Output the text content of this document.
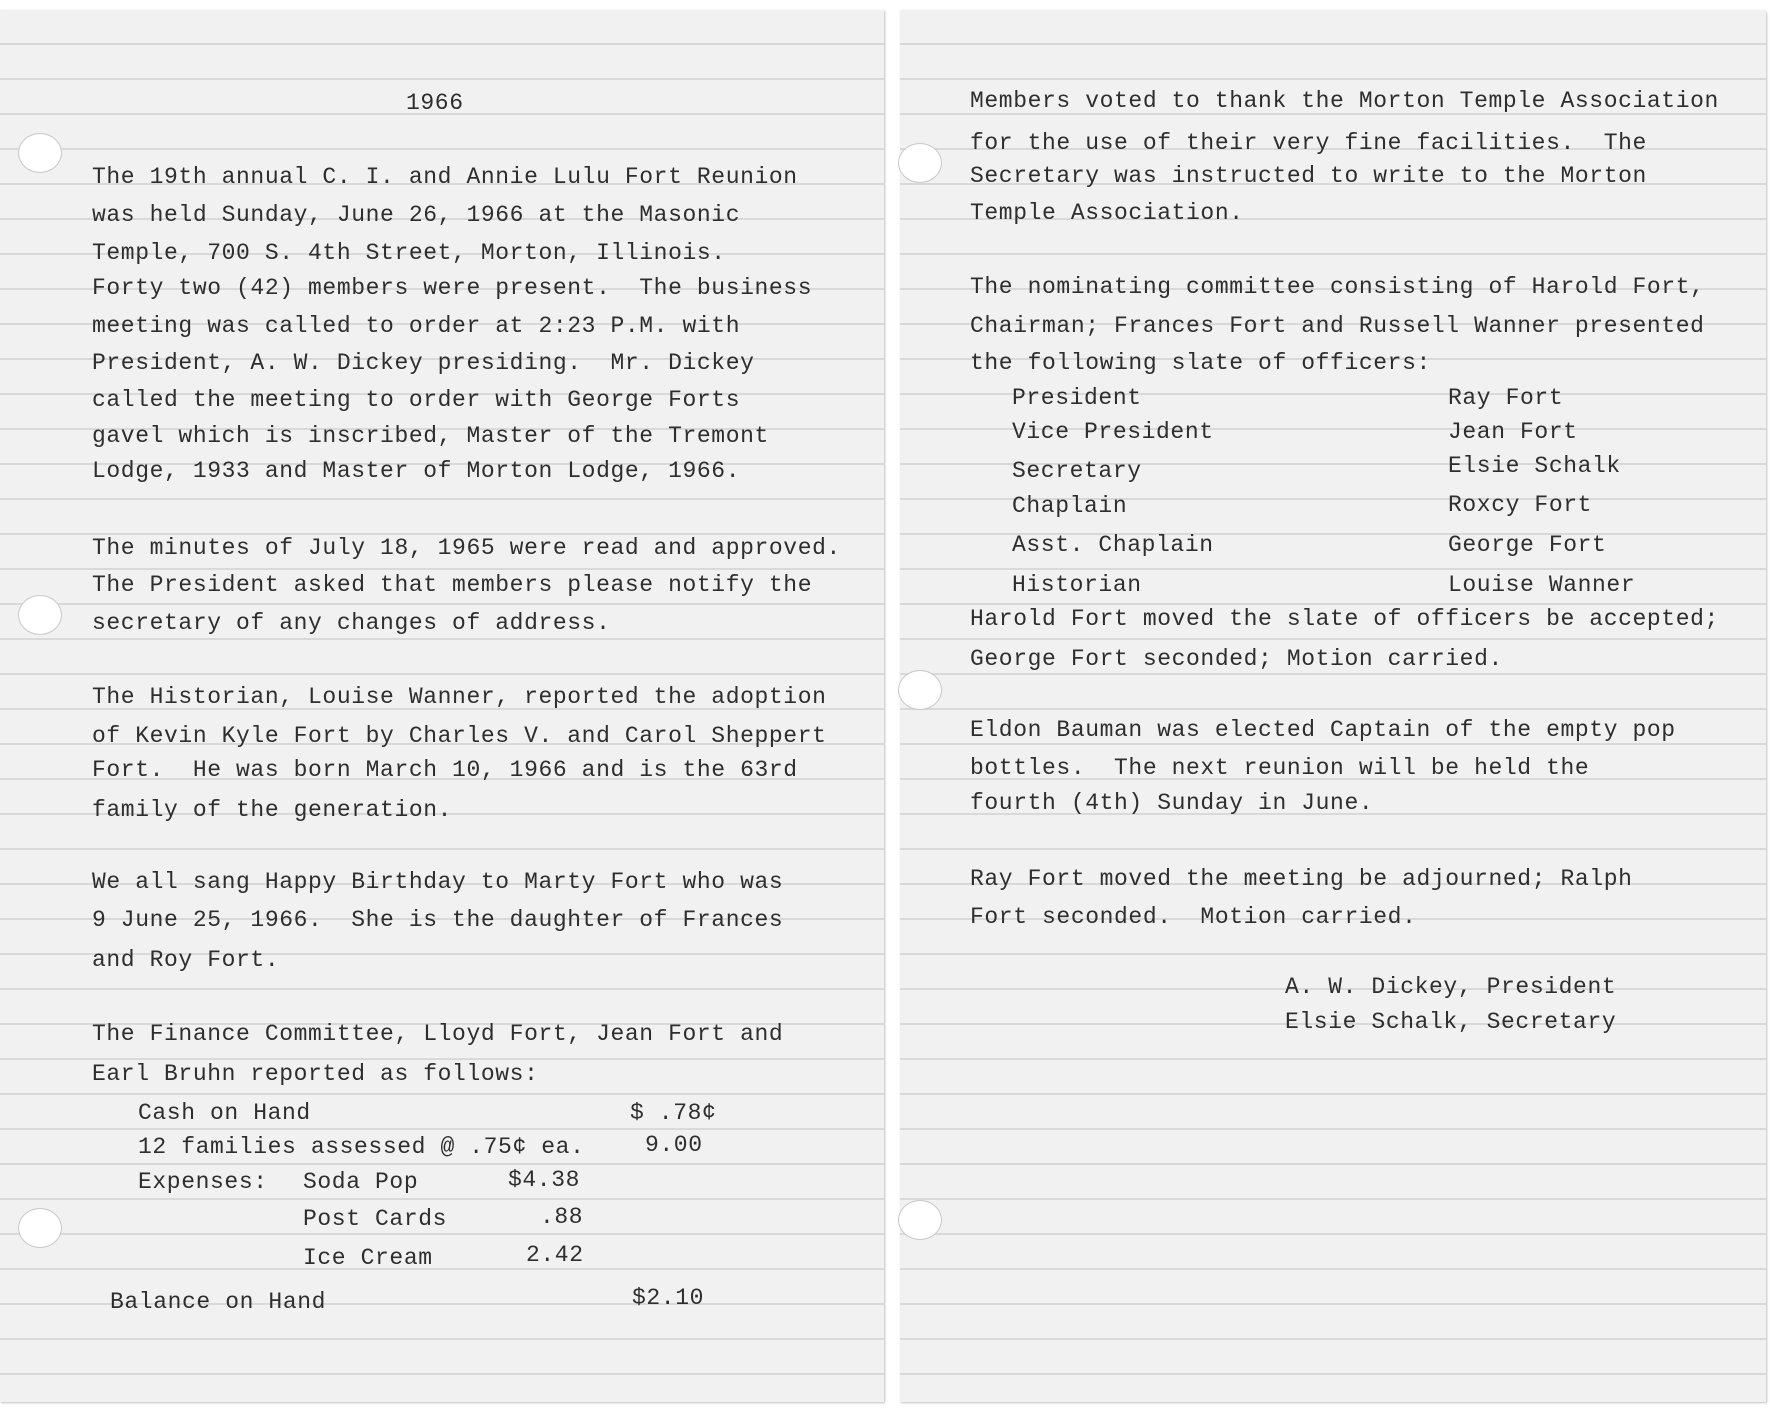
1966
The 19th annual C. I. and Annie Lulu Fort Reunion
was held Sunday, June 26, 1966 at the Masonic
Temple, 700 S. 4th Street, Morton, Illinois.
Forty two (42) members were present.  The business
meeting was called to order at 2:23 P.M. with
President, A. W. Dickey presiding.  Mr. Dickey
called the meeting to order with George Forts
gavel which is inscribed, Master of the Tremont
Lodge, 1933 and Master of Morton Lodge, 1966.
The minutes of July 18, 1965 were read and approved.
The President asked that members please notify the
secretary of any changes of address.
The Historian, Louise Wanner, reported the adoption
of Kevin Kyle Fort by Charles V. and Carol Sheppert
Fort.  He was born March 10, 1966 and is the 63rd
family of the generation.
We all sang Happy Birthday to Marty Fort who was
9 June 25, 1966.  She is the daughter of Frances
and Roy Fort.
The Finance Committee, Lloyd Fort, Jean Fort and
Earl Bruhn reported as follows:
Cash on Hand	$ .78¢
12 families assessed @ .75¢ ea.	9.00
Expenses: Soda Pop	$4.38
Post Cards	.88
Ice Cream	2.42
Balance on Hand	$2.10
Members voted to thank the Morton Temple Association
for the use of their very fine facilities.  The
Secretary was instructed to write to the Morton
Temple Association.
The nominating committee consisting of Harold Fort,
Chairman; Frances Fort and Russell Wanner presented
the following slate of officers:
President	Ray Fort
Vice President	Jean Fort
Secretary	Elsie Schalk
Chaplain	Roxcy Fort
Asst. Chaplain	George Fort
Historian	Louise Wanner
Harold Fort moved the slate of officers be accepted;
George Fort seconded; Motion carried.
Eldon Bauman was elected Captain of the empty pop
bottles.  The next reunion will be held the
fourth (4th) Sunday in June.
Ray Fort moved the meeting be adjourned; Ralph
Fort seconded.  Motion carried.
A. W. Dickey, President
Elsie Schalk, Secretary
